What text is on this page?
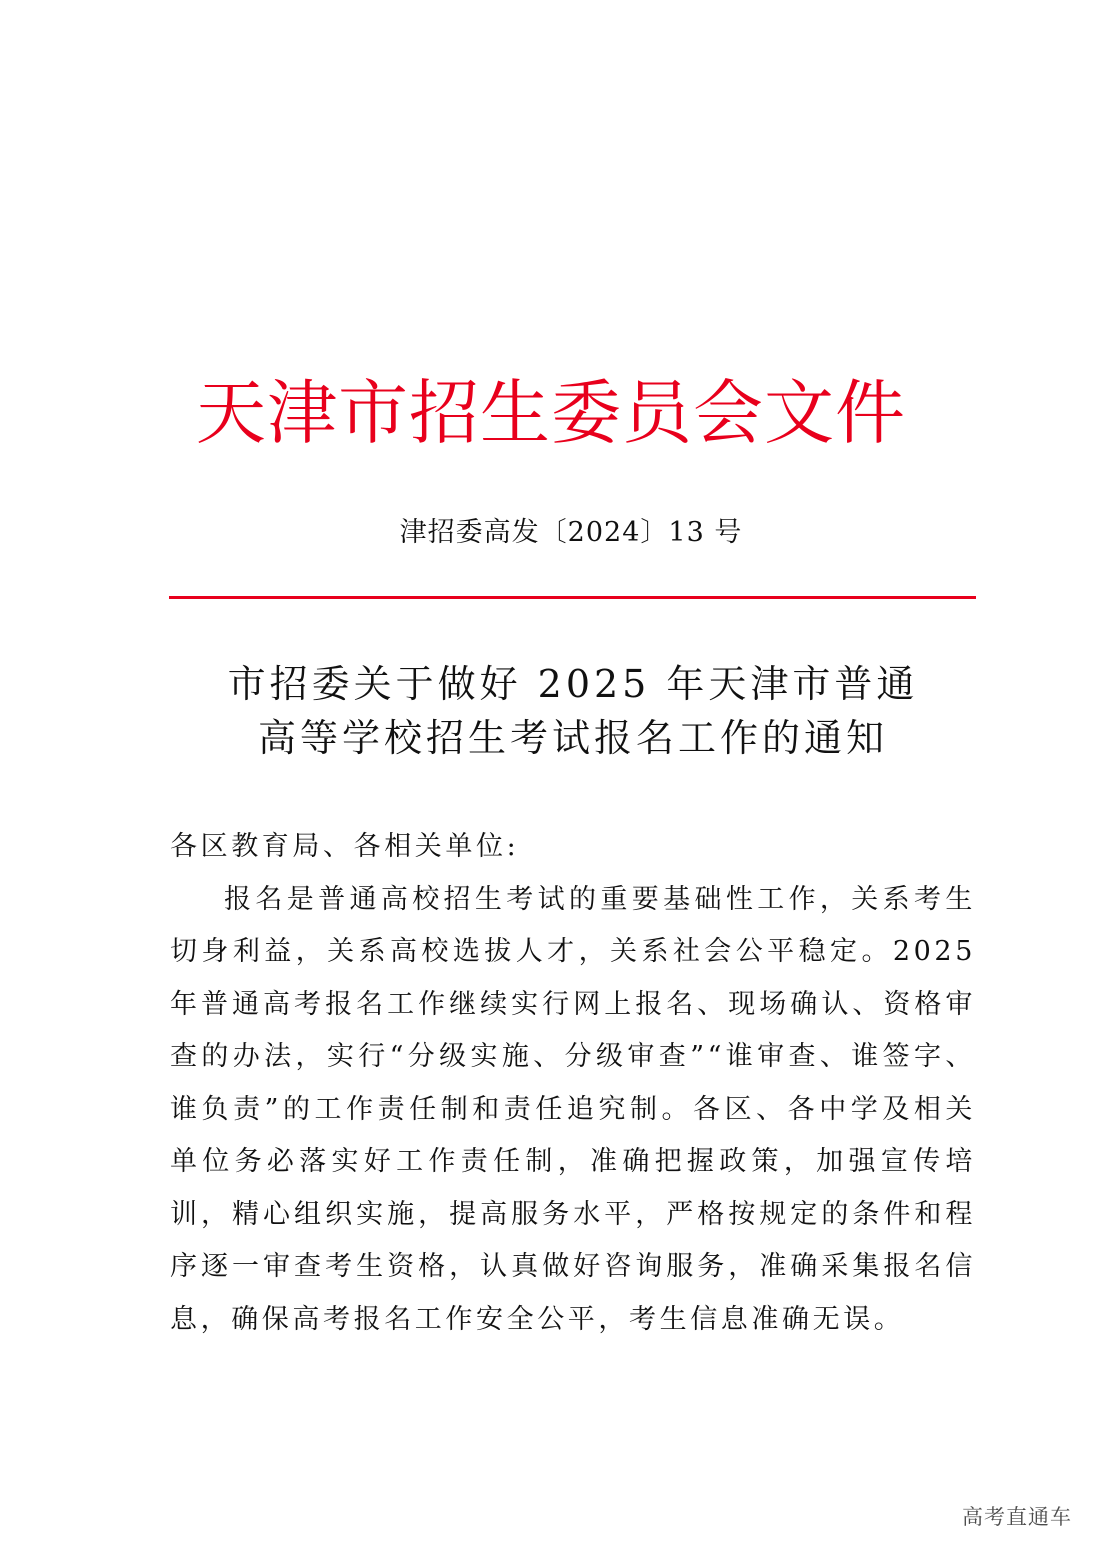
天津市招生委员会文件
津招委高发〔2024〕13 号
市招委关于做好 2025 年天津市普通
高等学校招生考试报名工作的通知
各区教育局、各相关单位:
报名是普通高校招生考试的重要基础性工作，关系考生切身利益，关系高校选拔人才，关系社会公平稳定。2025 年普通高考报名工作继续实行网上报名、现场确认、资格审查的办法，实行“分级实施、分级审查”“谁审查、谁签字、谁负责”的工作责任制和责任追究制。各区、各中学及相关单位务必落实好工作责任制，准确把握政策，加强宣传培训，精心组织实施，提高服务水平，严格按规定的条件和程序逐一审查考生资格，认真做好咨询服务，准确采集报名信息，确保高考报名工作安全公平，考生信息准确无误。
高考直通车
